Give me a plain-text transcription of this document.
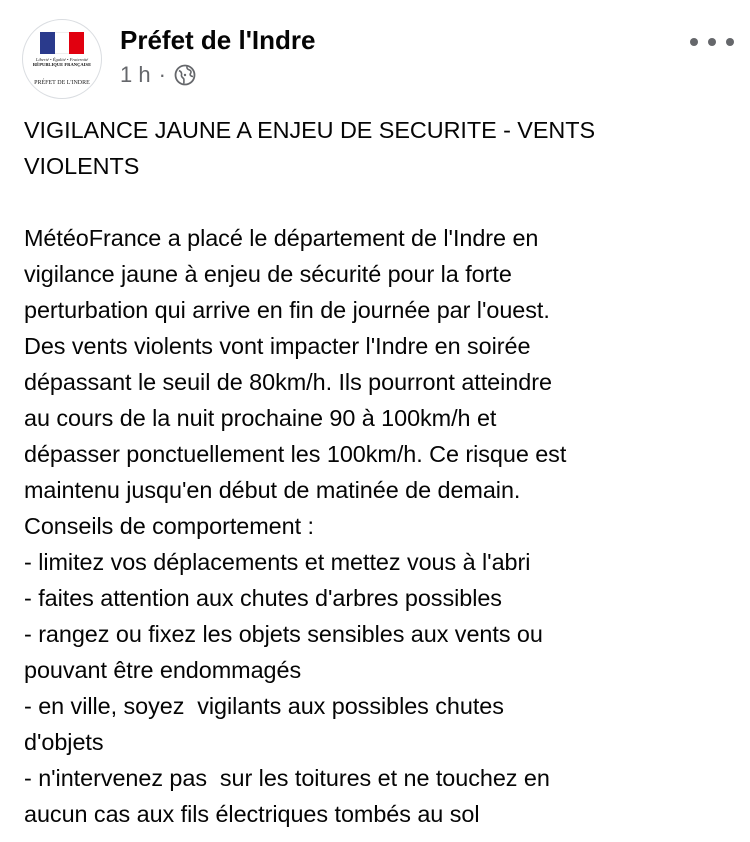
Liberté • Égalité • Fraternité
RÉPUBLIQUE FRANÇAISE
PRÉFET DE L'INDRE
Préfet de l'Indre
1 h ·
VIGILANCE JAUNE A ENJEU DE SECURITE - VENTS
VIOLENTS
MétéoFrance a placé le département de l'Indre en
vigilance jaune à enjeu de sécurité pour la forte
perturbation qui arrive en fin de journée par l'ouest.
Des vents violents vont impacter l'Indre en soirée
dépassant le seuil de 80km/h. Ils pourront atteindre
au cours de la nuit prochaine 90 à 100km/h et
dépasser ponctuellement les 100km/h. Ce risque est
maintenu jusqu'en début de matinée de demain.
Conseils de comportement :
- limitez vos déplacements et mettez vous à l'abri
- faites attention aux chutes d'arbres possibles
- rangez ou fixez les objets sensibles aux vents ou
pouvant être endommagés
- en ville, soyez  vigilants aux possibles chutes
d'objets
- n'intervenez pas  sur les toitures et ne touchez en
aucun cas aux fils électriques tombés au sol
